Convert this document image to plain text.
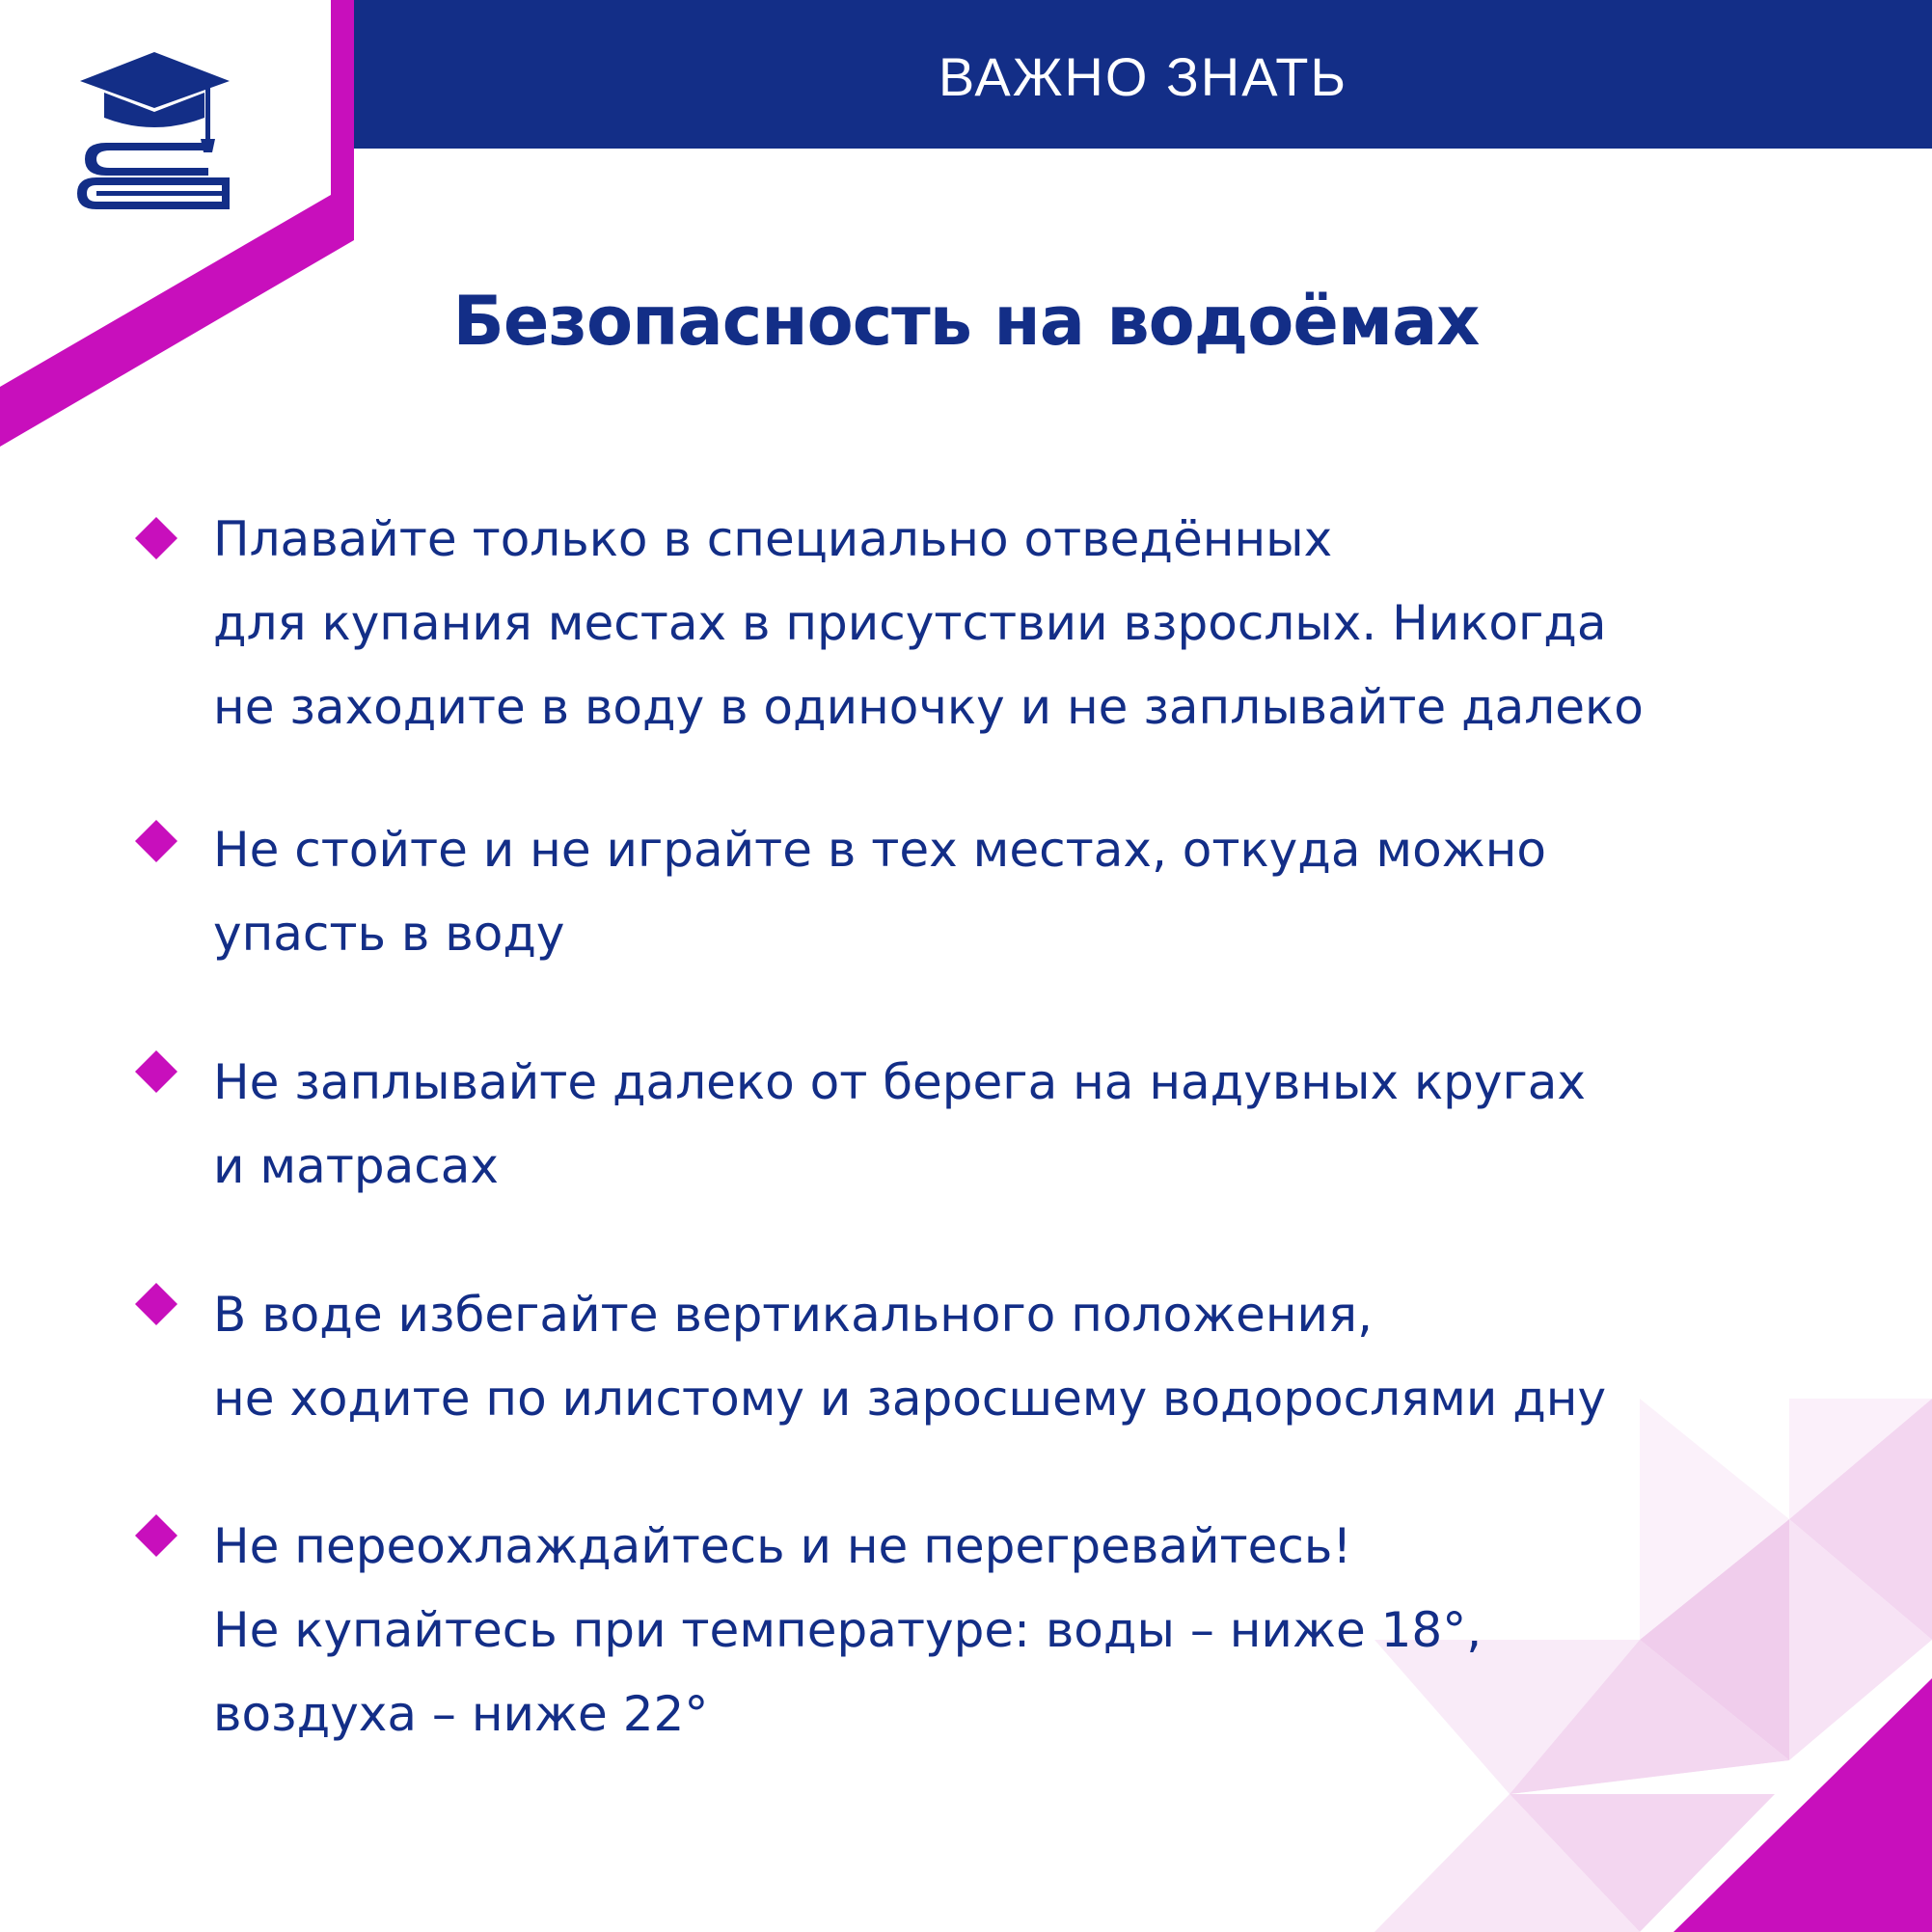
ВАЖНО ЗНАТЬ
Безопасность на водоёмах
Плавайте только в специально отведённых
для купания местах в присутствии взрослых. Никогда
не заходите в воду в одиночку и не заплывайте далеко
Не стойте и не играйте в тех местах, откуда можно
упасть в воду
Не заплывайте далеко от берега на надувных кругах
и матрасах
В воде избегайте вертикального положения,
не ходите по илистому и заросшему водорослями дну
Не переохлаждайтесь и не перегревайтесь!
Не купайтесь при температуре: воды – ниже 18°,
воздуха – ниже 22°
